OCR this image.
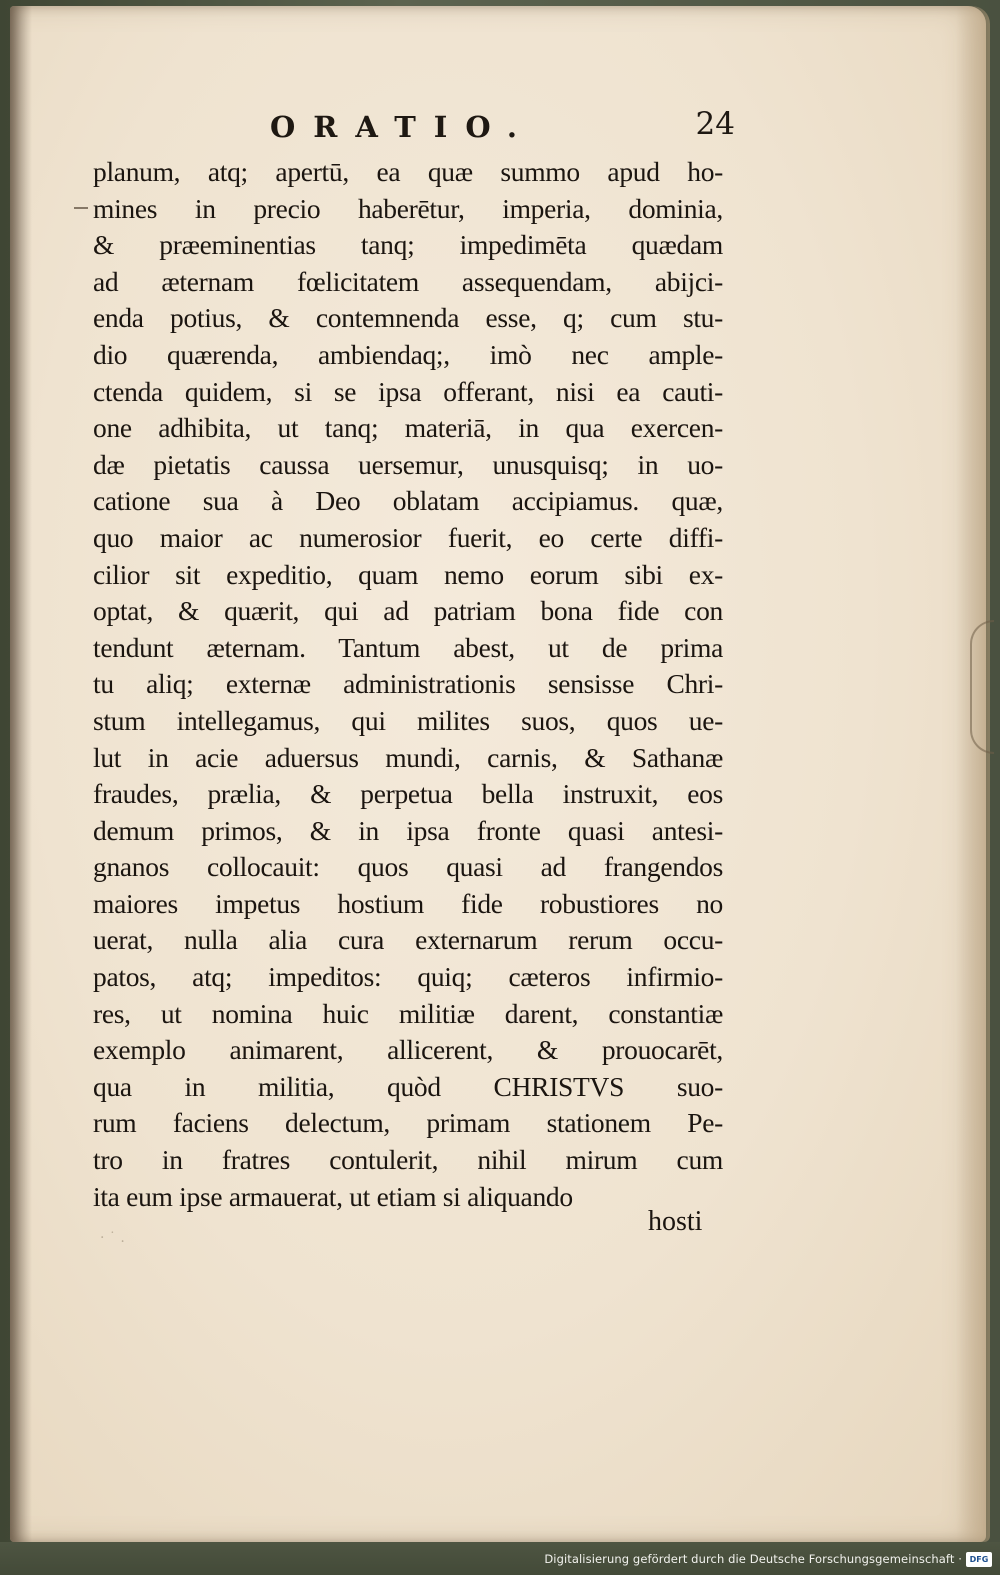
ORATIO.	24
planum, atq; apertū, ea quæ summo apud ho-
mines in precio haberētur, imperia, dominia,
& præeminentias tanq; impedimēta quædam
ad æternam fœlicitatem assequendam, abijci-
enda potius, & contemnenda esse, q; cum stu-
dio quærenda, ambiendaq;, imò nec ample-
ctenda quidem, si se ipsa offerant, nisi ea cauti-
one adhibita, ut tanq; materiā, in qua exercen-
dæ pietatis caussa uersemur, unusquisq; in uo-
catione sua à Deo oblatam accipiamus. quæ,
quo maior ac numerosior fuerit, eo certe diffi-
cilior sit expeditio, quam nemo eorum sibi ex-
optat, & quærit, qui ad patriam bona fide con
tendunt æternam. Tantum abest, ut de prima
tu aliq; externæ administrationis sensisse Chri-
stum intellegamus, qui milites suos, quos ue-
lut in acie aduersus mundi, carnis, & Sathanæ
fraudes, prælia, & perpetua bella instruxit, eos
demum primos, & in ipsa fronte quasi antesi-
gnanos collocauit: quos quasi ad frangendos
maiores impetus hostium fide robustiores no
uerat, nulla alia cura externarum rerum occu-
patos, atq; impeditos: quiq; cæteros infirmio-
res, ut nomina huic militiæ darent, constantiæ
exemplo animarent, allicerent, & prouocarēt,
qua in militia, quòd CHRISTVS suo-
rum faciens delectum, primam stationem Pe-
tro in fratres contulerit, nihil mirum cum
ita eum ipse armauerat, ut etiam si aliquando
hosti
· ˙ .
Digitalisierung gefördert durch die Deutsche Forschungsgemeinschaft · DFG
